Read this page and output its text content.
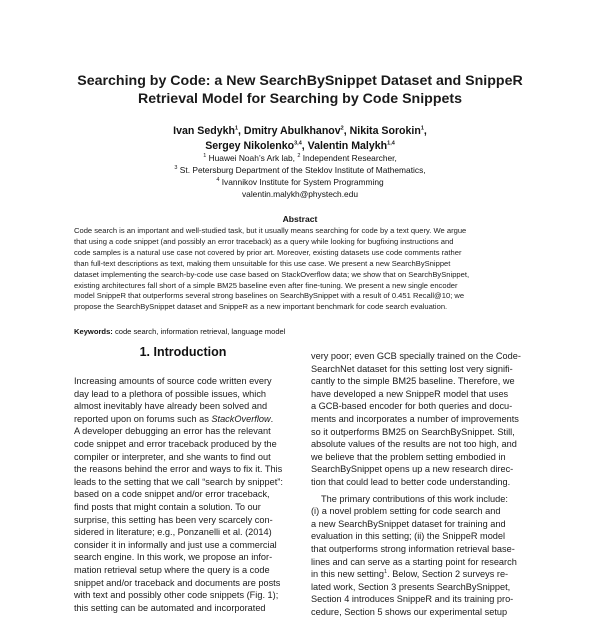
Searching by Code: a New SearchBySnippet Dataset and SnippeR
Retrieval Model for Searching by Code Snippets
Ivan Sedykh$^1$, Dmitry Abulkhanov$^2$, Nikita Sorokin$^1$,
Sergey Nikolenko$^{3,4}$, Valentin Malykh$^{1,4}$
$^1$ Huawei Noah’s Ark lab, $^2$ Independent Researcher,
$^3$ St. Petersburg Department of the Steklov Institute of Mathematics,
$^4$ Ivannikov Institute for System Programming
valentin.malykh@phystech.edu
Abstract
Code search is an important and well-studied task, but it usually means searching for code by a text query. We argue
that using a code snippet (and possibly an error traceback) as a query while looking for bugfixing instructions and
code samples is a natural use case not covered by prior art. Moreover, existing datasets use code comments rather
than full-text descriptions as text, making them unsuitable for this use case. We present a new SearchBySnippet
dataset implementing the search-by-code use case based on StackOverflow data; we show that on SearchBySnippet,
existing architectures fall short of a simple BM25 baseline even after fine-tuning. We present a new single encoder
model SnippeR that outperforms several strong baselines on SearchBySnippet with a result of 0.451 Recall@10; we
propose the SearchBySnippet dataset and SnippeR as a new important benchmark for code search evaluation.
Keywords: code search, information retrieval, language model
1. Introduction
Increasing amounts of source code written every
day lead to a plethora of possible issues, which
almost inevitably have already been solved and
reported upon on forums such as StackOverflow.
A developer debugging an error has the relevant
code snippet and error traceback produced by the
compiler or interpreter, and she wants to find out
the reasons behind the error and ways to fix it. This
leads to the setting that we call “search by snippet”:
based on a code snippet and/or error traceback,
find posts that might contain a solution. To our
surprise, this setting has been very scarcely con-
sidered in literature; e.g., Ponzanelli et al. (2014)
consider it in informally and just use a commercial
search engine. In this work, we propose an infor-
mation retrieval setup where the query is a code
snippet and/or traceback and documents are posts
with text and possibly other code snippets (Fig. 1);
this setting can be automated and incorporated
very poor; even GCB specially trained on the Code-
SearchNet dataset for this setting lost very signifi-
cantly to the simple BM25 baseline. Therefore, we
have developed a new SnippeR model that uses
a GCB-based encoder for both queries and docu-
ments and incorporates a number of improvements
so it outperforms BM25 on SearchBySnippet. Still,
absolute values of the results are not too high, and
we believe that the problem setting embodied in
SearchBySnippet opens up a new research direc-
tion that could lead to better code understanding.
The primary contributions of this work include:
(i) a novel problem setting for code search and
a new SearchBySnippet dataset for training and
evaluation in this setting; (ii) the SnippeR model
that outperforms strong information retrieval base-
lines and can serve as a starting point for research
in this new setting$^1$. Below, Section 2 surveys re-
lated work, Section 3 presents SearchBySnippet,
Section 4 introduces SnippeR and its training pro-
cedure, Section 5 shows our experimental setup
